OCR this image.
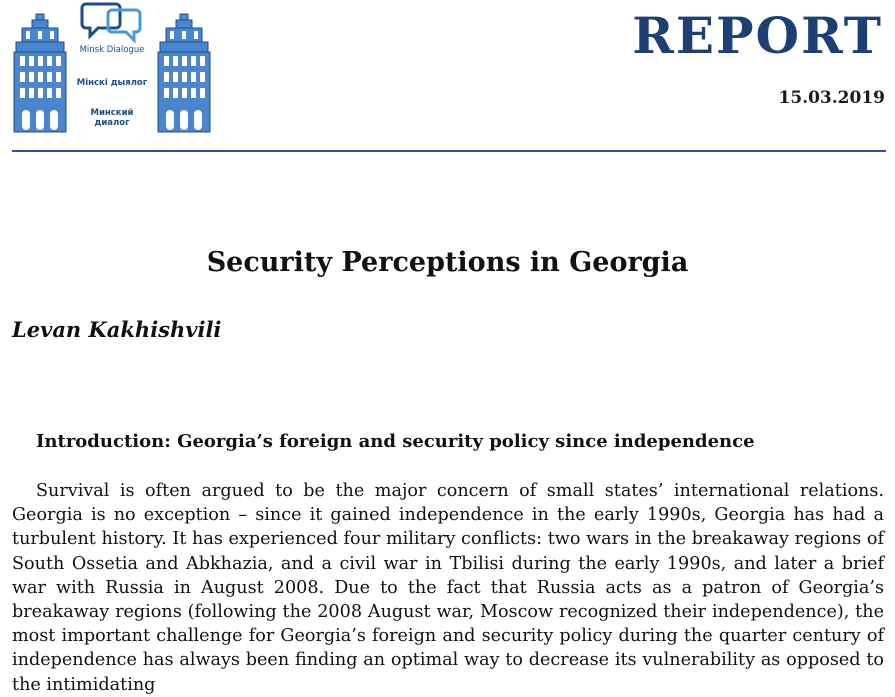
Minsk Dialogue
Мінскі дыялог
Минский диалог
REPORT
15.03.2019
Security Perceptions in Georgia
Levan Kakhishvili
Introduction: Georgia’s foreign and security policy since independence

Survival is often argued to be the major concern of small states’ international relations. Georgia is no exception – since it gained independence in the early 1990s, Georgia has had a turbulent history. It has experienced four military conflicts: two wars in the breakaway regions of South Ossetia and Abkhazia, and a civil war in Tbilisi during the early 1990s, and later a brief war with Russia in August 2008. Due to the fact that Russia acts as a patron of Georgia’s breakaway regions (following the 2008 August war, Moscow recognized their independence), the most important challenge for Georgia’s foreign and security policy during the quarter century of independence has always been finding an optimal way to decrease its vulnerability as opposed to the intimidating
